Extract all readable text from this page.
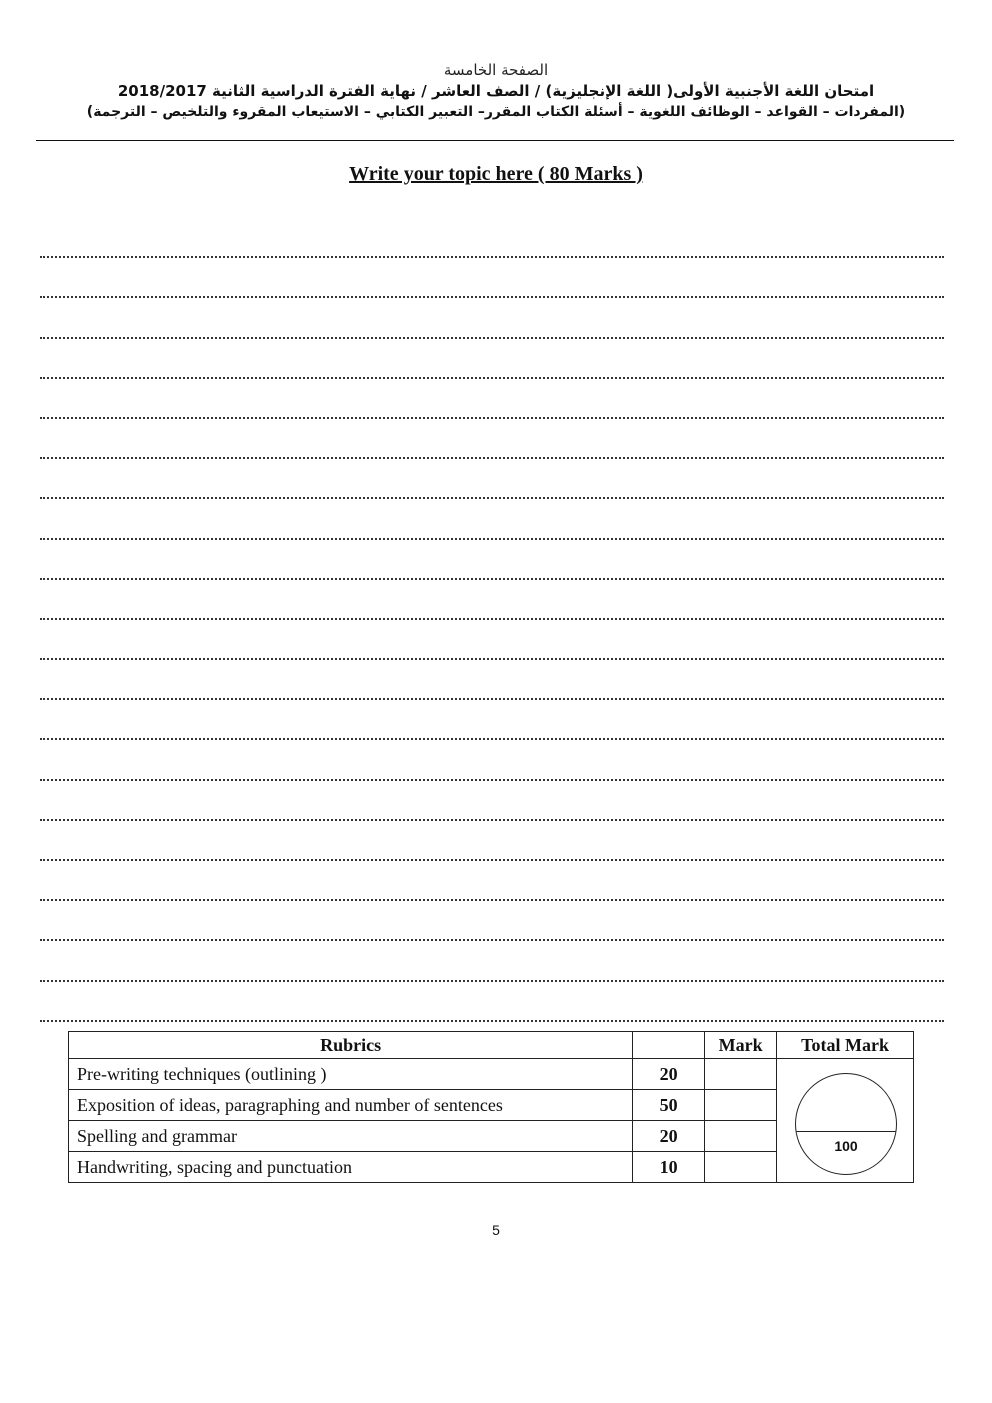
الصفحة الخامسة
امتحان اللغة الأجنبية الأولى( اللغة الإنجليزية) / الصف العاشر / نهاية الفترة الدراسية الثانية 2018/2017
(المفردات – القواعد – الوظائف اللغوية – أسئلة الكتاب المقرر– التعبير الكتابي – الاستيعاب المقروء والتلخيص – الترجمة)
Write your topic here ( 80 Marks )
Rubrics		Mark	Total Mark
Pre-writing techniques (outlining )	20		100

Exposition of ideas, paragraphing and number of sentences	50		
Spelling and grammar	20		
Handwriting, spacing and punctuation	10		
5
